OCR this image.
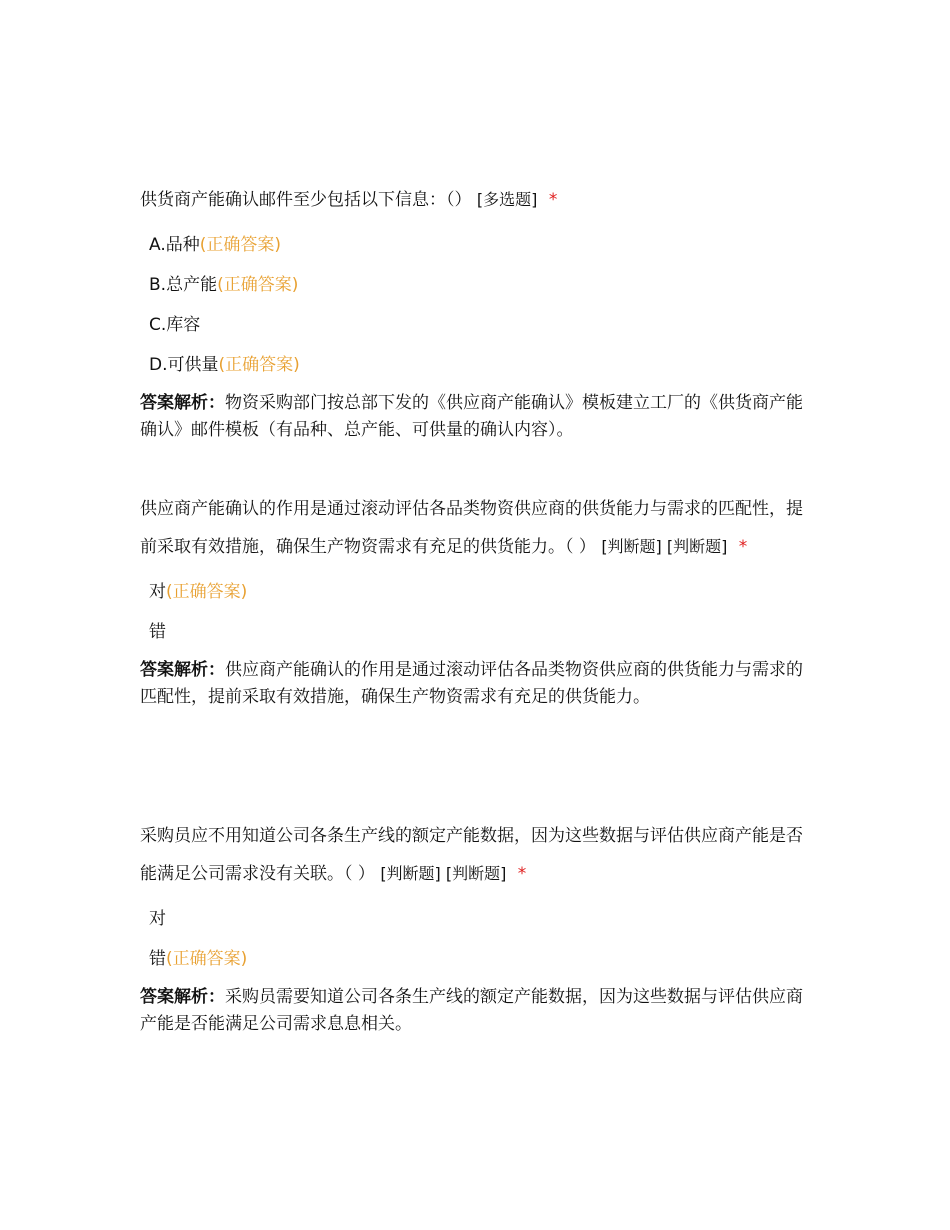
供货商产能确认邮件至少包括以下信息：（） [多选题] *

A.品种(正确答案)
B.总产能(正确答案)
C.库容
D.可供量(正确答案)

答案解析：物资采购部门按总部下发的《供应商产能确认》模板建立工厂的《供货商产能确认》邮件模板（有品种、总产能、可供量的确认内容）。

供应商产能确认的作用是通过滚动评估各品类物资供应商的供货能力与需求的匹配性，提前采取有效措施，确保生产物资需求有充足的供货能力。（ ） [判断题] [判断题] *

对(正确答案)
错

答案解析：供应商产能确认的作用是通过滚动评估各品类物资供应商的供货能力与需求的匹配性，提前采取有效措施，确保生产物资需求有充足的供货能力。

采购员应不用知道公司各条生产线的额定产能数据，因为这些数据与评估供应商产能是否能满足公司需求没有关联。（ ） [判断题] [判断题] *

对
错(正确答案)

答案解析：采购员需要知道公司各条生产线的额定产能数据，因为这些数据与评估供应商产能是否能满足公司需求息息相关。
